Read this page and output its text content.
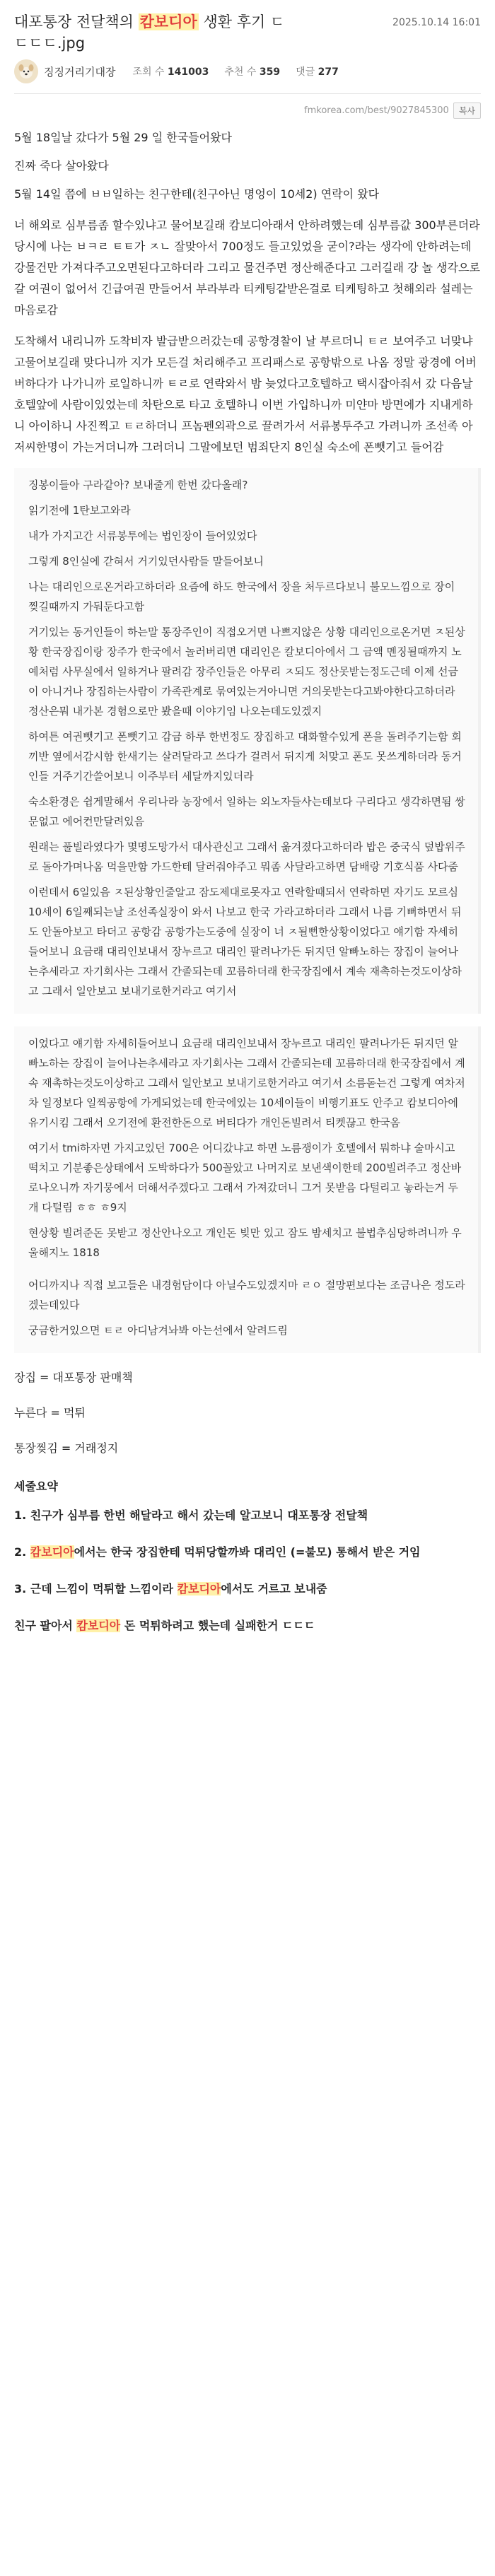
대포통장 전달책의 캄보디아 생환 후기 ㄷ	2025.10.14 16:01
ㄷㄷㄷ.jpg
징징거리기대장 조회 수 141003 추천 수 359 댓글 277
fmkorea.com/best/9027845300	복사

5월 18일날 갔다가 5월 29 일 한국들어왔다

진짜 죽다 살아왔다

5월 14일 쯤에 ㅂㅂ일하는 친구한테(친구아닌 명엉이 10세2) 연락이 왔다

너 해외로 심부름좀 할수있냐고 물어보길래 캄보디아래서 안하려했는데 심부름값 300부른더라 당시에 나는 ㅂㅋㄹ ㅌㅌ가 ㅈㄴ 잘맞아서 700정도 들고있었을 굳이?라는 생각에 안하려는데 강물건만 가져다주고오면된다고하더라 그리고 물건주면 정산해준다고 그러길래 강 놀 생각으로갈 여권이 없어서 긴급여권 만들어서 부라부라 티케팅같받은걸로 티케팅하고 첫해외라 설레는마음로감

도착해서 내리니까 도착비자 발급받으러갔는데 공항경찰이 날 부르더니 ㅌㄹ 보여주고 너맞냐고물어보길래 맞다니까 지가 모든걸 처리해주고 프리패스로 공항밖으로 나옴 정말 광경에 어버버하다가 나가니까 로일하니까 ㅌㄹ로 연락와서 밤 늦었다고호텔하고 택시잡아줘서 갔 다음날 호텔앞에 사람이있었는데 차탄으로 타고 호텔하니 이번 가입하니까 미얀마 방면에가 지내게하니 아이하니 사진찍고 ㅌㄹ하더니 프놈펜외곽으로 끌려가서 서류봉투주고 가려니까 조선족 아저씨한명이 가는거더니까 그러더니 그말에보던 범죄단지 8인실 숙소에 폰뺏기고 들어감

징봉이들아 구라같아? 보내줄게 한번 갔다올래?

읽기전에 1탄보고와라

내가 가지고간 서류봉투에는 법인장이 들어있었다

그렇게 8인실에 갇혀서 거기있던사람들 말들어보니

나는 대리인으로온거라고하더라 요즘에 하도 한국에서 장을 처두르다보니 불모느낌으로 장이 찢길때까지 가둬둔다고함

거기있는 동거인들이 하는말 통장주인이 직접오거면 나쁘지않은 상황 대리인으로온거면 ㅈ된상황 한국장집이랑 장주가 한국에서 놀러버리면 대리인은 칼보디아에서 그 금액 멘징될때까지 노예처럼 사무실에서 일하거나 팔려감 장주인들은 아무리 ㅈ되도 정산못받는정도근데 이제 선금이 아니거나 장집하는사람이 가족관계로 묶여있는거아니면 거의못받는다고봐야한다고하더라 정산은뭐 내가본 경험으로만 봤을때 이야기임 나오는데도있겠지

하여튼 여권뺏기고 폰뺏기고 감금 하루 한번정도 장집하고 대화할수있게 폰을 돌려주기는함 회끼반 옆에서감시함 한새기는 살려달라고 쓰다가 걸려서 뒤지게 처맞고 폰도 못쓰게하더라 동거인들 거주기간쓸어보니 이주부터 세달까지있더라

숙소환경은 쉽게말해서 우리나라 농장에서 일하는 외노자들사는데보다 구리다고 생각하면됨 쌍문없고 에어컨만달려있음

원래는 풀빌라였다가 몇명도망가서 대사관신고 그래서 옮겨졌다고하더라 밥은 중국식 덮밥위주로 돌아가며나옴 먹을만함 가드한테 달러줘야주고 뭐좀 사달라고하면 담배랑 기호식품 사다줌

이런데서 6일있음 ㅈ된상황인줄알고 잠도제대로못자고 연락할때되서 연락하면 자기도 모르심 10세이 6일째되는날 조선족실장이 와서 나보고 한국 가라고하더라 그래서 나름 기뻐하면서 뒤도 안돌아보고 타더고 공항감 공항가는도중에 실장이 너 ㅈ될뻔한상황이었다고 얘기함 자세히들어보니 요금래 대리인보내서 장누르고 대리인 팔려나가든 뒤지던 알빠노하는 장집이 늘어나는추세라고 자기회사는 그래서 간졸되는데 꼬름하더래 한국장집에서 계속 재촉하는것도이상하고 그래서 일안보고 보내기로한거라고 여기서

이었다고 얘기함 자세히들어보니 요금래 대리인보내서 장누르고 대리인 팔려나가든 뒤지던 알빠노하는 장집이 늘어나는추세라고 자기회사는 그래서 간졸되는데 꼬름하더래 한국장집에서 계속 재촉하는것도이상하고 그래서 일안보고 보내기로한거라고 여기서 소름돋는건 그렇게 여차저차 일정보다 일찍공항에 가게되었는데 한국에있는 10세이들이 비행기표도 안주고 캄보디아에 유기시킴 그래서 오기전에 환전한돈으로 버티다가 개인돈빌려서 티켓끊고 한국옴

여기서 tmi하자면 가지고있던 700은 어디갔냐고 하면 노름쟁이가 호텔에서 뭐하냐 술마시고 떡치고 기분좋은상태에서 도박하다가 500꼴았고 나머지로 보낸색이한테 200빌려주고 정산바로나오니까 자기뭉에서 더해서주겠다고 그래서 가져갔더니 그거 못받음 다털리고 놓라는거 두개 다털림 ㅎㅎ ㅎ9지

현상황 빌려준돈 못받고 정산안나오고 개인돈 빚만 있고 잠도 밤세치고 불법추심당하려니까 우울해지노 1818

어디까지나 직접 보고들은 내경험담이다 아닐수도있겠지마 ㄹㅇ 절망편보다는 조금나은 정도라겠는데있다

궁금한거있으면 ㅌㄹ 아디남겨놔봐 아는선에서 알려드림

장집 = 대포통장 판매책

누른다 = 먹튀

통장찢김 = 거래정지

세줄요약

1. 친구가 심부름 한번 해달라고 해서 갔는데 알고보니 대포통장 전달책

2. 캄보디아에서는 한국 장집한테 먹튀당할까봐 대리인 (=불모) 통해서 받은 거임

3. 근데 느낌이 먹튀할 느낌이라 캄보디아에서도 거르고 보내줌

친구 팔아서 캄보디아 돈 먹튀하려고 했는데 실패한거 ㄷㄷㄷ
